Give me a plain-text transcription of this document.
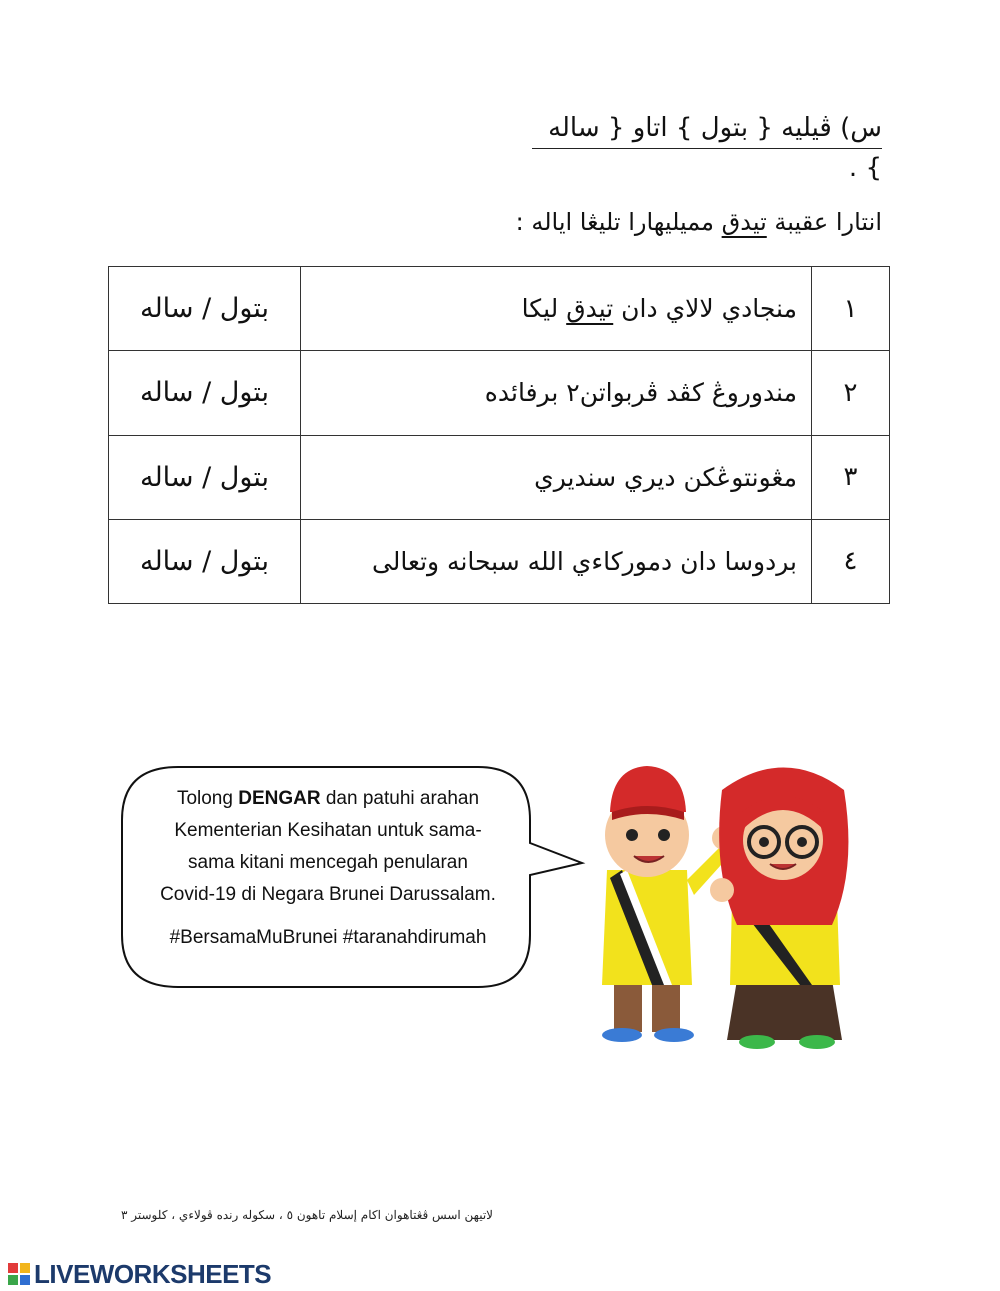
س) ڤيليه { بتول } اتاو { ساله } .
انتارا عقيبة تيدق مميليهارا تليڠا اياله :
بتول / ساله	منجادي لالاي دان تيدق ليكا	١
بتول / ساله	مندوروڠ كڤد ڤربواتن٢ برفائده	٢
بتول / ساله	مڠونتوڠكن ديري سنديري	٣
بتول / ساله	بردوسا دان دموركاءي الله سبحانه وتعالى	٤
Tolong DENGAR dan patuhi arahan
Kementerian Kesihatan untuk sama-
sama kitani mencegah penularan
Covid-19 di Negara Brunei Darussalam.
#BersamaMuBrunei #taranahdirumah
لاتيهن اسس ڤڠتاهوان اكام إسلام تاهون ٥ ، سکوله رنده ڤولاءي ، كلوستر ٣
LIVEWORKSHEETS
